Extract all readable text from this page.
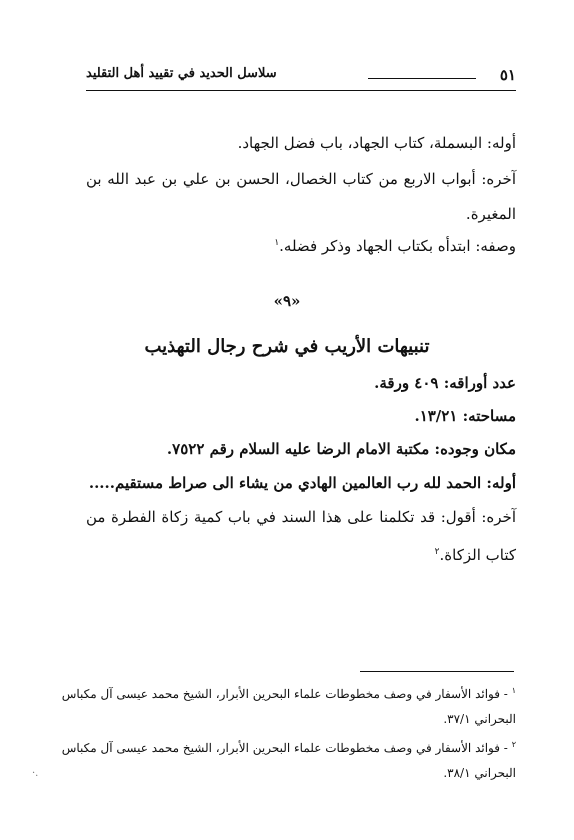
٥١
سلاسل الحديد في تقييد أهل التقليد
أوله: البسملة، كتاب الجهاد، باب فضل الجهاد.
آخره: أبواب الاربع من كتاب الخصال، الحسن بن علي بن عبد الله بن
المغيرة.
وصفه: ابتدأه بكتاب الجهاد وذكر فضله.$^١$
«٩»
تنبيهات الأريب في شرح رجال التهذيب
عدد أوراقه: ٤٠٩ ورقة.
مساحته: ١٣/٢١.
مكان وجوده: مكتبة الامام الرضا عليه السلام رقم ٧٥٢٢.
أوله: الحمد لله رب العالمين الهادي من يشاء الى صراط مستقيم.....
آخره: أقول: قد تكلمنا على هذا السند في باب كمية زكاة الفطرة من
كتاب الزكاة.$^٢$
$^١$ - فوائد الأسفار في وصف مخطوطات علماء البحرين الأبرار، الشيخ محمد عيسى آل مكباس
البحراني ٣٧/١.
$^٢$ - فوائد الأسفار في وصف مخطوطات علماء البحرين الأبرار، الشيخ محمد عيسى آل مكباس
البحراني ٣٨/١.
·.
